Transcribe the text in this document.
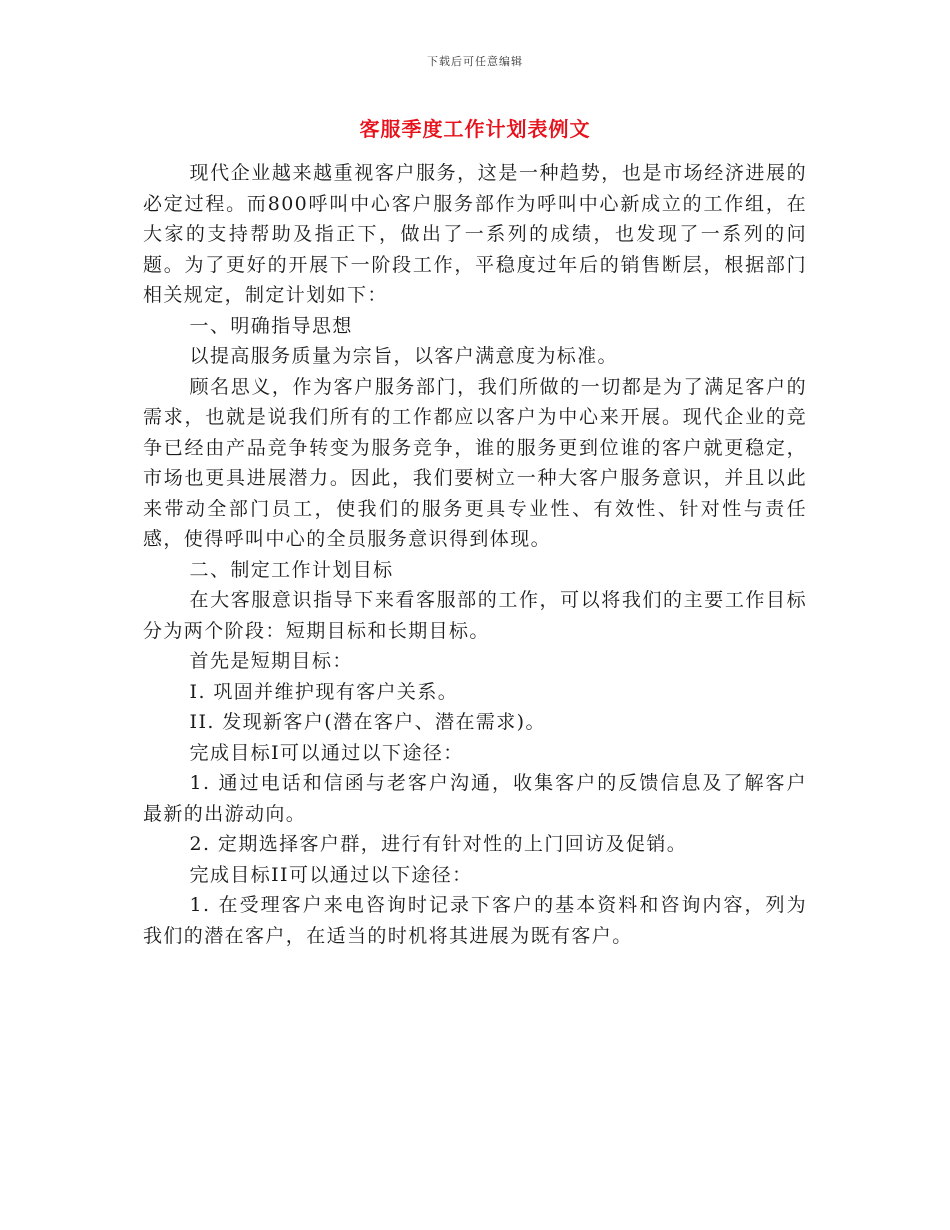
下载后可任意编辑
客服季度工作计划表例文

现代企业越来越重视客户服务，这是一种趋势，也是市场经济进展的必定过程。而800呼叫中心客户服务部作为呼叫中心新成立的工作组，在大家的支持帮助及指正下，做出了一系列的成绩，也发现了一系列的问题。为了更好的开展下一阶段工作，平稳度过年后的销售断层，根据部门相关规定，制定计划如下：

一、明确指导思想

以提高服务质量为宗旨，以客户满意度为标准。

顾名思义，作为客户服务部门，我们所做的一切都是为了满足客户的需求，也就是说我们所有的工作都应以客户为中心来开展。现代企业的竞争已经由产品竞争转变为服务竞争，谁的服务更到位谁的客户就更稳定，市场也更具进展潜力。因此，我们要树立一种大客户服务意识，并且以此来带动全部门员工，使我们的服务更具专业性、有效性、针对性与责任感，使得呼叫中心的全员服务意识得到体现。

二、制定工作计划目标

在大客服意识指导下来看客服部的工作，可以将我们的主要工作目标分为两个阶段：短期目标和长期目标。

首先是短期目标：

I. 巩固并维护现有客户关系。

II. 发现新客户(潜在客户、潜在需求)。

完成目标I可以通过以下途径：

1. 通过电话和信函与老客户沟通，收集客户的反馈信息及了解客户最新的出游动向。

2. 定期选择客户群，进行有针对性的上门回访及促销。

完成目标II可以通过以下途径：

1. 在受理客户来电咨询时记录下客户的基本资料和咨询内容，列为我们的潜在客户，在适当的时机将其进展为既有客户。
